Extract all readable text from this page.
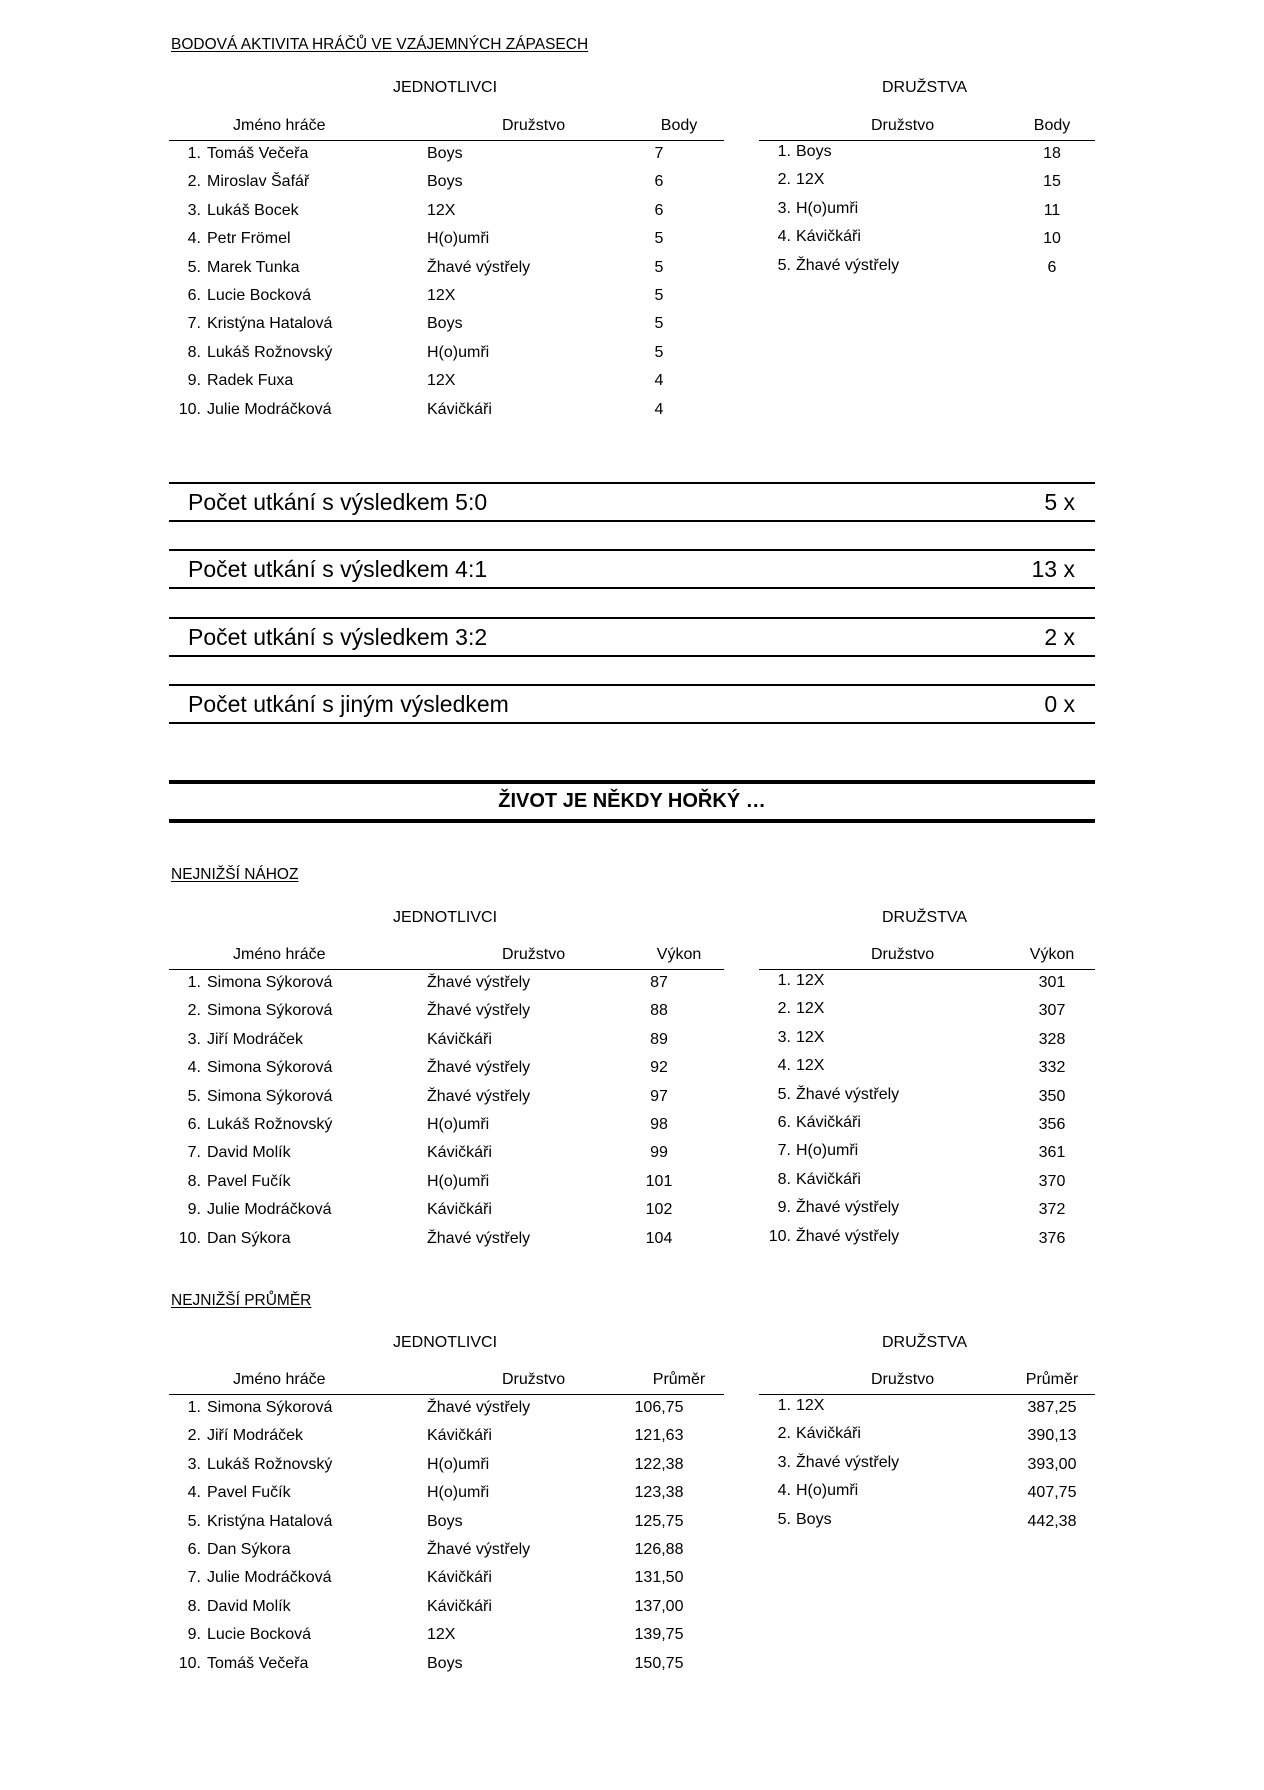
BODOVÁ AKTIVITA HRÁČŮ VE VZÁJEMNÝCH ZÁPASECH
JEDNOTLIVCI	DRUŽSTVA
Jméno hráče	Družstvo	Body
1. Tomáš Večeřa	Boys	7
2. Miroslav Šafář	Boys	6
3. Lukáš Bocek	12X	6
4. Petr Frömel	H(o)umři	5
5. Marek Tunka	Žhavé výstřely	5
6. Lucie Bocková	12X	5
7. Kristýna Hatalová	Boys	5
8. Lukáš Rožnovský	H(o)umři	5
9. Radek Fuxa	12X	4
10. Julie Modráčková	Kávičkáři	4
Družstvo	Body
1. Boys	18
2. 12X	15
3. H(o)umři	11
4. Kávičkáři	10
5. Žhavé výstřely	6
Počet utkání s výsledkem 5:0	5 x
Počet utkání s výsledkem 4:1	13 x
Počet utkání s výsledkem 3:2	2 x
Počet utkání s jiným výsledkem	0 x
ŽIVOT JE NĚKDY HOŘKÝ …
NEJNIŽŠÍ NÁHOZ
JEDNOTLIVCI	DRUŽSTVA
Jméno hráče	Družstvo	Výkon
1. Simona Sýkorová	Žhavé výstřely	87
2. Simona Sýkorová	Žhavé výstřely	88
3. Jiří Modráček	Kávičkáři	89
4. Simona Sýkorová	Žhavé výstřely	92
5. Simona Sýkorová	Žhavé výstřely	97
6. Lukáš Rožnovský	H(o)umři	98
7. David Molík	Kávičkáři	99
8. Pavel Fučík	H(o)umři	101
9. Julie Modráčková	Kávičkáři	102
10. Dan Sýkora	Žhavé výstřely	104
Družstvo	Výkon
1. 12X	301
2. 12X	307
3. 12X	328
4. 12X	332
5. Žhavé výstřely	350
6. Kávičkáři	356
7. H(o)umři	361
8. Kávičkáři	370
9. Žhavé výstřely	372
10. Žhavé výstřely	376
NEJNIŽŠÍ PRŮMĚR
JEDNOTLIVCI	DRUŽSTVA
Jméno hráče	Družstvo	Průměr
1. Simona Sýkorová	Žhavé výstřely	106,75
2. Jiří Modráček	Kávičkáři	121,63
3. Lukáš Rožnovský	H(o)umři	122,38
4. Pavel Fučík	H(o)umři	123,38
5. Kristýna Hatalová	Boys	125,75
6. Dan Sýkora	Žhavé výstřely	126,88
7. Julie Modráčková	Kávičkáři	131,50
8. David Molík	Kávičkáři	137,00
9. Lucie Bocková	12X	139,75
10. Tomáš Večeřa	Boys	150,75
Družstvo	Průměr
1. 12X	387,25
2. Kávičkáři	390,13
3. Žhavé výstřely	393,00
4. H(o)umři	407,75
5. Boys	442,38
